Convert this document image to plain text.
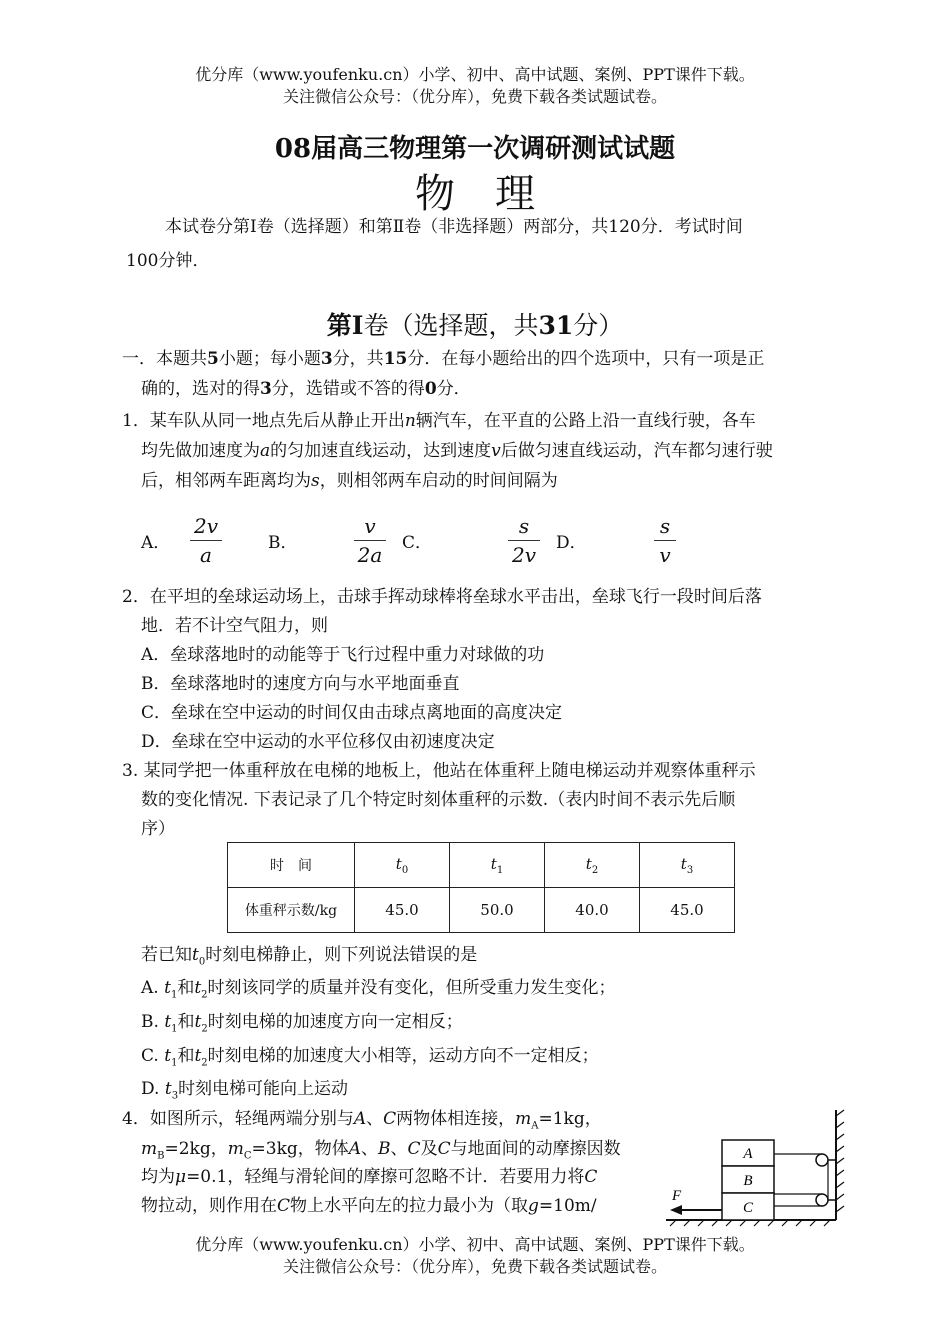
优分库（www.youfenku.cn）小学、初中、高中试题、案例、PPT课件下载。
关注微信公众号：（优分库），免费下载各类试题试卷。
08届高三物理第一次调研测试试题
物理
本试卷分第Ⅰ卷（选择题）和第Ⅱ卷（非选择题）两部分，共120分．考试时间
100分钟．
第I卷（选择题，共31分）
一．本题共5小题；每小题3分，共15分．在每小题给出的四个选项中，只有一项是正
确的，选对的得3分，选错或不答的得0分．
1．某车队从同一地点先后从静止开出n辆汽车，在平直的公路上沿一直线行驶，各车
均先做加速度为a的匀加速直线运动，达到速度v后做匀速直线运动，汽车都匀速行驶
后，相邻两车距离均为s，则相邻两车启动的时间间隔为
A．
2v
a	B．
v
2a C．
s
2v D．
s
v
2．在平坦的垒球运动场上，击球手挥动球棒将垒球水平击出，垒球飞行一段时间后落
地．若不计空气阻力，则
A．垒球落地时的动能等于飞行过程中重力对球做的功
B．垒球落地时的速度方向与水平地面垂直
C．垒球在空中运动的时间仅由击球点离地面的高度决定
D．垒球在空中运动的水平位移仅由初速度决定
3. 某同学把一体重秤放在电梯的地板上，他站在体重秤上随电梯运动并观察体重秤示
数的变化情况. 下表记录了几个特定时刻体重秤的示数.（表内时间不表示先后顺
序）
时　间	$t_0$	$t_1$	$t_2$	$t_3$
体重秤示数/kg	45.0	50.0	40.0	45.0
若已知$t_0$时刻电梯静止，则下列说法错误的是
A. $t_1$和$t_2$时刻该同学的质量并没有变化，但所受重力发生变化；
B. $t_1$和$t_2$时刻电梯的加速度方向一定相反；
C. $t_1$和$t_2$时刻电梯的加速度大小相等，运动方向不一定相反；
D. $t_3$时刻电梯可能向上运动
4．如图所示，轻绳两端分别与A、C两物体相连接，$m_A=1kg$，
$m_B=2kg$，$m_C=3kg$，物体A、B、C及C与地面间的动摩擦因数
均为μ=0.1，轻绳与滑轮间的摩擦可忽略不计．若要用力将C
物拉动，则作用在C物上水平向左的拉力最小为（取g=10m/
A
B
C
F
优分库（www.youfenku.cn）小学、初中、高中试题、案例、PPT课件下载。
关注微信公众号：（优分库），免费下载各类试题试卷。
